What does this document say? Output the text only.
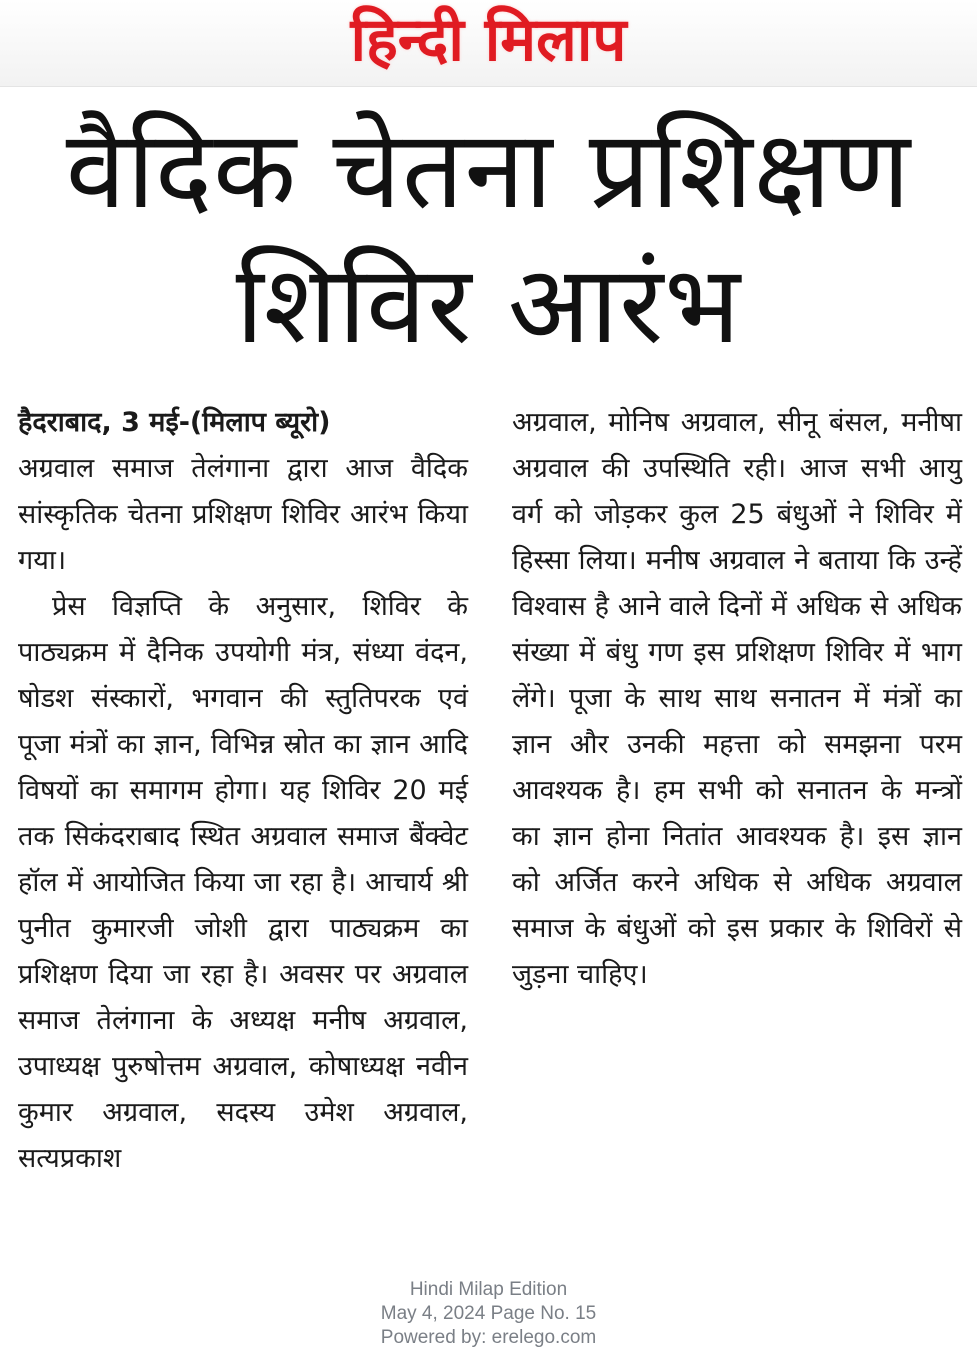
हिन्दी मिलाप
वैदिक चेतना प्रशिक्षण
शिविर आरंभ

हैदराबाद, 3 मई-(मिलाप ब्यूरो)

अग्रवाल समाज तेलंगाना द्वारा आज वैदिक सांस्कृतिक चेतना प्रशिक्षण शिविर आरंभ किया गया।

प्रेस विज्ञप्ति के अनुसार, शिविर के पाठ्यक्रम में दैनिक उपयोगी मंत्र, संध्या वंदन, षोडश संस्कारों, भगवान की स्तुतिपरक एवं पूजा मंत्रों का ज्ञान, विभिन्न स्रोत का ज्ञान आदि विषयों का समागम होगा। यह शिविर 20 मई तक सिकंदराबाद स्थित अग्रवाल समाज बैंक्वेट हॉल में आयोजित किया जा रहा है। आचार्य श्री पुनीत कुमारजी जोशी द्वारा पाठ्यक्रम का प्रशिक्षण दिया जा रहा है। अवसर पर अग्रवाल समाज तेलंगाना के अध्यक्ष मनीष अग्रवाल, उपाध्यक्ष पुरुषोत्तम अग्रवाल, कोषाध्यक्ष नवीन कुमार अग्रवाल, सदस्य उमेश अग्रवाल, सत्यप्रकाश

अग्रवाल, मोनिष अग्रवाल, सीनू बंसल, मनीषा अग्रवाल की उपस्थिति रही। आज सभी आयु वर्ग को जोड़कर कुल 25 बंधुओं ने शिविर में हिस्सा लिया। मनीष अग्रवाल ने बताया कि उन्हें विश्वास है आने वाले दिनों में अधिक से अधिक संख्या में बंधु गण इस प्रशिक्षण शिविर में भाग लेंगे। पूजा के साथ साथ सनातन में मंत्रों का ज्ञान और उनकी महत्ता को समझना परम आवश्यक है। हम सभी को सनातन के मन्त्रों का ज्ञान होना नितांत आवश्यक है। इस ज्ञान को अर्जित करने अधिक से अधिक अग्रवाल समाज के बंधुओं को इस प्रकार के शिविरों से जुड़ना चाहिए।

Hindi Milap Edition
May 4, 2024 Page No. 15
Powered by: erelego.com
